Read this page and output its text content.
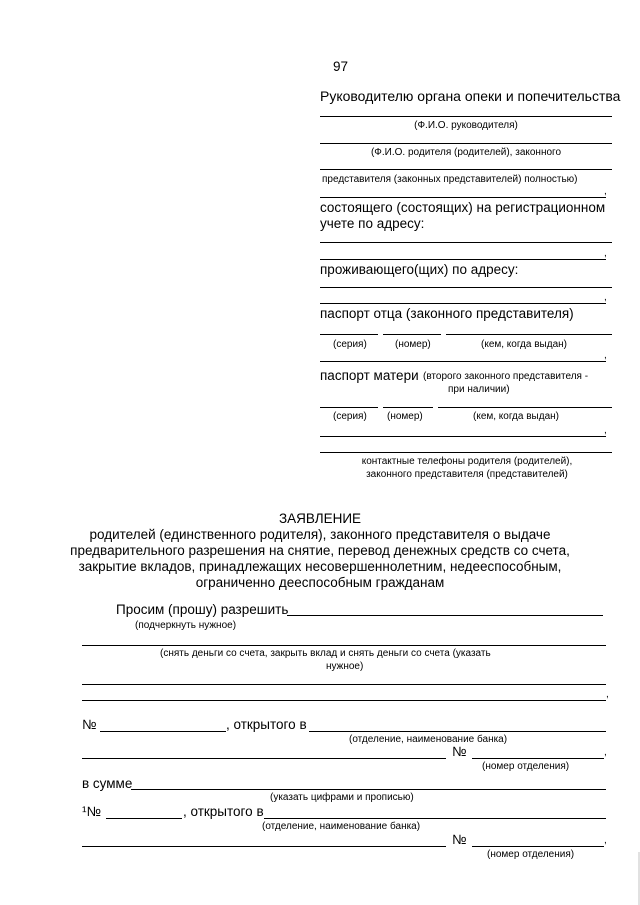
97
Руководителю органа опеки и попечительства
(Ф.И.О. руководителя)
(Ф.И.О. родителя (родителей), законного
представителя (законных представителей) полностью)
,
состоящего (состоящих) на регистрационном
учете по адресу:
,
проживающего(щих) по адресу:
,
паспорт отца (законного представителя)
(серия)	(номер)	(кем, когда выдан)
,
паспорт матери (второго законного представителя -
при наличии)
(серия) (номер)	(кем, когда выдан)
,
контактные телефоны родителя (родителей),
законного представителя (представителей)
ЗАЯВЛЕНИЕ
родителей (единственного родителя), законного представителя о выдаче
предварительного разрешения на снятие, перевод денежных средств со счета,
закрытие вкладов, принадлежащих несовершеннолетним, недееспособным,
ограниченно дееспособным гражданам
Просим (прошу) разрешить
(подчеркнуть нужное)
(снять деньги со счета, закрыть вклад и снять деньги со счета (указать
нужное)
,
№	, открытого в
(отделение, наименование банка)
№	,
(номер отделения)
в сумме
(указать цифрами и прописью)
¹№	, открытого в
(отделение, наименование банка)
№	,
(номер отделения)
